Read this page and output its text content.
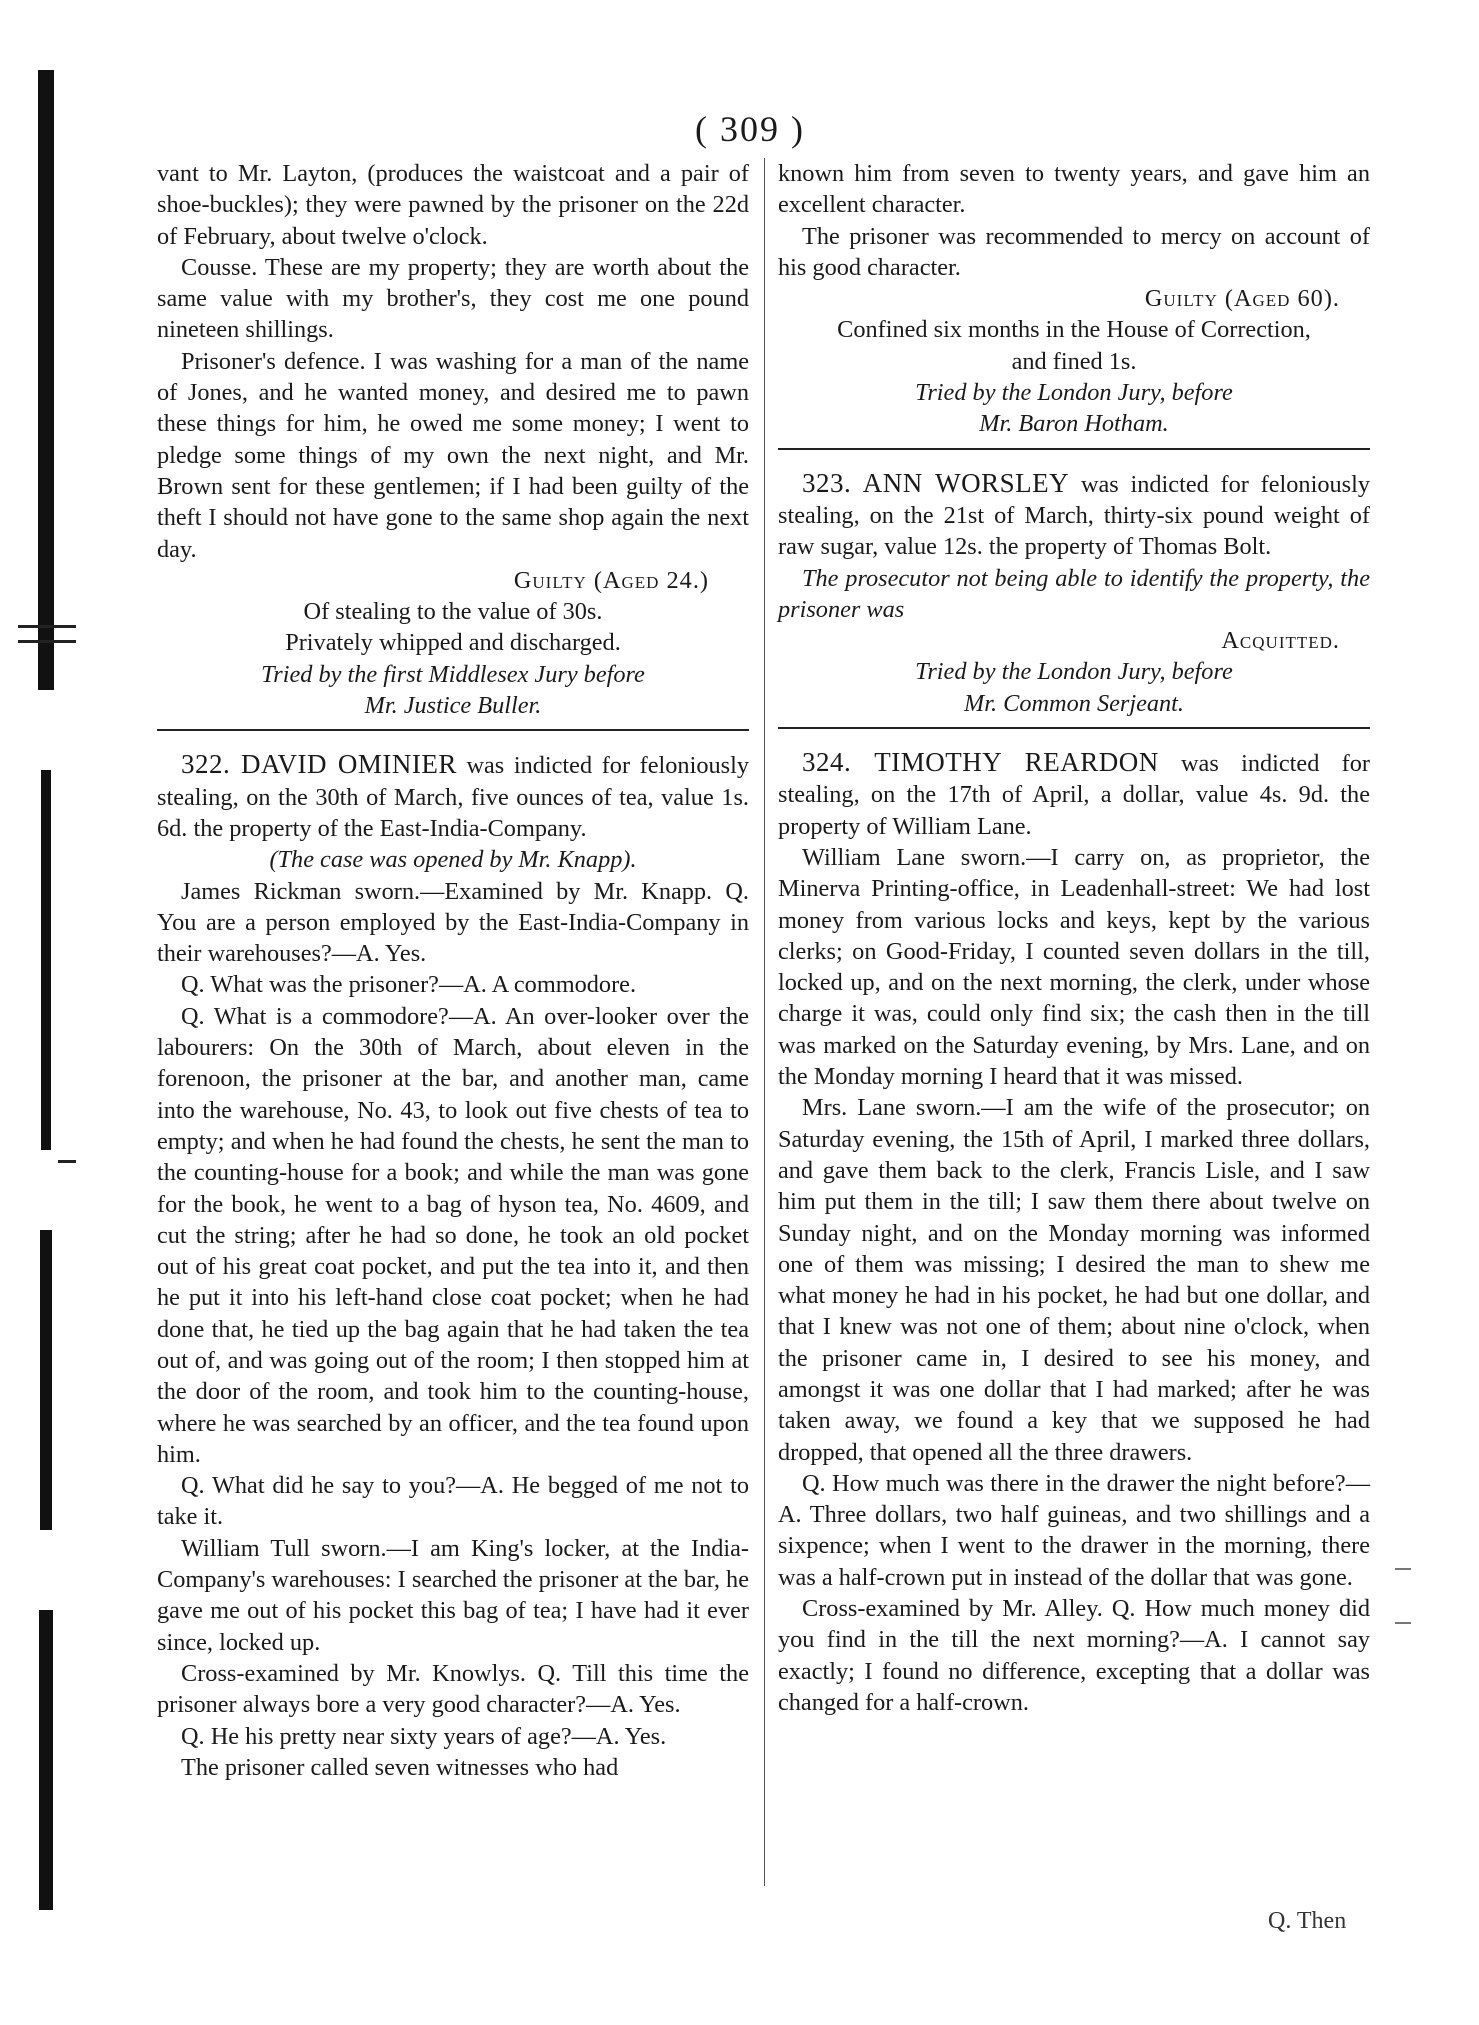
( 309 )

vant to Mr. Layton, (produces the waistcoat and a pair of shoe-buckles); they were pawned by the prisoner on the 22d of February, about twelve o'clock.

Cousse. These are my property; they are worth about the same value with my brother's, they cost me one pound nineteen shillings.

Prisoner's defence. I was washing for a man of the name of Jones, and he wanted money, and desired me to pawn these things for him, he owed me some money; I went to pledge some things of my own the next night, and Mr. Brown sent for these gentlemen; if I had been guilty of the theft I should not have gone to the same shop again the next day.

Guilty (Aged 24.)

Of stealing to the value of 30s.

Privately whipped and discharged.

Tried by the first Middlesex Jury before

Mr. Justice Buller.

322. DAVID OMINIER was indicted for feloniously stealing, on the 30th of March, five ounces of tea, value 1s. 6d. the property of the East-India-Company.

(The case was opened by Mr. Knapp).

James Rickman sworn.—Examined by Mr. Knapp. Q. You are a person employed by the East-India-Company in their warehouses?—A. Yes.

Q. What was the prisoner?—A. A commodore.

Q. What is a commodore?—A. An over-looker over the labourers: On the 30th of March, about eleven in the forenoon, the prisoner at the bar, and another man, came into the warehouse, No. 43, to look out five chests of tea to empty; and when he had found the chests, he sent the man to the counting-house for a book; and while the man was gone for the book, he went to a bag of hyson tea, No. 4609, and cut the string; after he had so done, he took an old pocket out of his great coat pocket, and put the tea into it, and then he put it into his left-hand close coat pocket; when he had done that, he tied up the bag again that he had taken the tea out of, and was going out of the room; I then stopped him at the door of the room, and took him to the counting-house, where he was searched by an officer, and the tea found upon him.

Q. What did he say to you?—A. He begged of me not to take it.

William Tull sworn.—I am King's locker, at the India-Company's warehouses: I searched the prisoner at the bar, he gave me out of his pocket this bag of tea; I have had it ever since, locked up.

Cross-examined by Mr. Knowlys. Q. Till this time the prisoner always bore a very good character?—A. Yes.

Q. He his pretty near sixty years of age?—A. Yes.

The prisoner called seven witnesses who had

known him from seven to twenty years, and gave him an excellent character.

The prisoner was recommended to mercy on account of his good character.

Guilty (Aged 60).

Confined six months in the House of Correction,

and fined 1s.

Tried by the London Jury, before

Mr. Baron Hotham.

323. ANN WORSLEY was indicted for feloniously stealing, on the 21st of March, thirty-six pound weight of raw sugar, value 12s. the property of Thomas Bolt.

The prosecutor not being able to identify the property, the prisoner was

Acquitted.

Tried by the London Jury, before

Mr. Common Serjeant.

324. TIMOTHY REARDON was indicted for stealing, on the 17th of April, a dollar, value 4s. 9d. the property of William Lane.

William Lane sworn.—I carry on, as proprietor, the Minerva Printing-office, in Leadenhall-street: We had lost money from various locks and keys, kept by the various clerks; on Good-Friday, I counted seven dollars in the till, locked up, and on the next morning, the clerk, under whose charge it was, could only find six; the cash then in the till was marked on the Saturday evening, by Mrs. Lane, and on the Monday morning I heard that it was missed.

Mrs. Lane sworn.—I am the wife of the prosecutor; on Saturday evening, the 15th of April, I marked three dollars, and gave them back to the clerk, Francis Lisle, and I saw him put them in the till; I saw them there about twelve on Sunday night, and on the Monday morning was informed one of them was missing; I desired the man to shew me what money he had in his pocket, he had but one dollar, and that I knew was not one of them; about nine o'clock, when the prisoner came in, I desired to see his money, and amongst it was one dollar that I had marked; after he was taken away, we found a key that we supposed he had dropped, that opened all the three drawers.

Q. How much was there in the drawer the night before?—A. Three dollars, two half guineas, and two shillings and a sixpence; when I went to the drawer in the morning, there was a half-crown put in instead of the dollar that was gone.

Cross-examined by Mr. Alley. Q. How much money did you find in the till the next morning?—A. I cannot say exactly; I found no difference, excepting that a dollar was changed for a half-crown.

Q. Then
